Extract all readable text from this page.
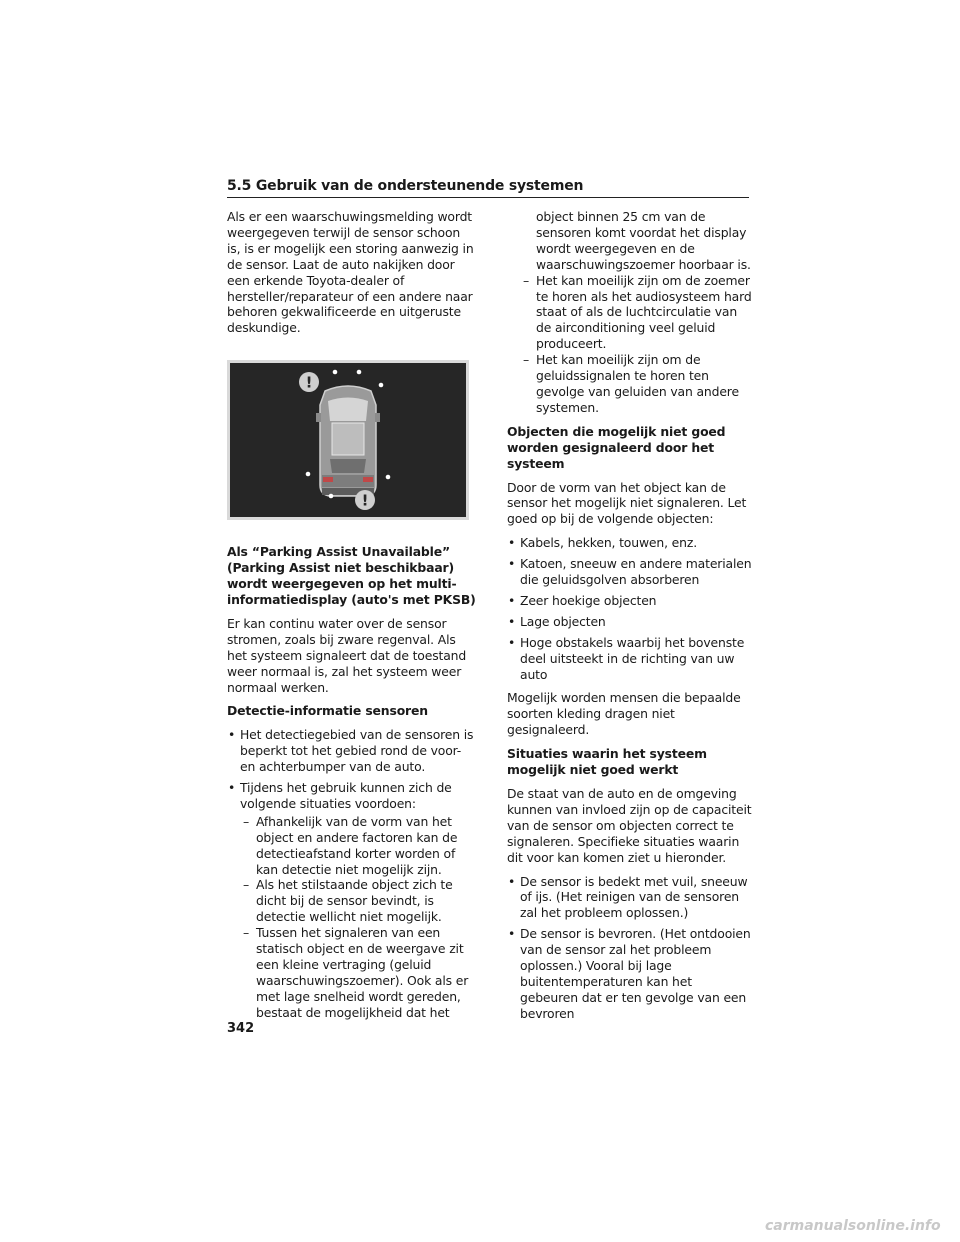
5.5 Gebruik van de ondersteunende systemen

Als er een waarschuwingsmelding wordt weergegeven terwijl de sensor schoon is, is er mogelijk een storing aanwezig in de sensor. Laat de auto nakijken door een erkende Toyota-dealer of hersteller/reparateur of een andere naar behoren gekwalificeerde en uitgeruste deskundige.

!
!
Als “Parking Assist Unavailable” (Parking Assist niet beschikbaar) wordt weergegeven op het multi-informatiedisplay (auto's met PKSB)

Er kan continu water over de sensor stromen, zoals bij zware regenval. Als het systeem signaleert dat de toestand weer normaal is, zal het systeem weer normaal werken.

Detectie-informatie sensoren
• Het detectiegebied van de sensoren is beperkt tot het gebied rond de voor- en achterbumper van de auto.
• Tijdens het gebruik kunnen zich de volgende situaties voordoen:
– Afhankelijk van de vorm van het object en andere factoren kan de detectieafstand korter worden of kan detectie niet mogelijk zijn.
– Als het stilstaande object zich te dicht bij de sensor bevindt, is detectie wellicht niet mogelijk.
– Tussen het signaleren van een statisch object en de weergave zit een kleine vertraging (geluid waarschuwingszoemer). Ook als er met lage snelheid wordt gereden, bestaat de mogelijkheid dat het

object binnen 25 cm van de sensoren komt voordat het display wordt weergegeven en de waarschuwingszoemer hoorbaar is.

– Het kan moeilijk zijn om de zoemer te horen als het audiosysteem hard staat of als de luchtcirculatie van de airconditioning veel geluid produceert.
– Het kan moeilijk zijn om de geluidssignalen te horen ten gevolge van geluiden van andere systemen.
Objecten die mogelijk niet goed worden gesignaleerd door het systeem

Door de vorm van het object kan de sensor het mogelijk niet signaleren. Let goed op bij de volgende objecten:

• Kabels, hekken, touwen, enz.
• Katoen, sneeuw en andere materialen die geluidsgolven absorberen
• Zeer hoekige objecten
• Lage objecten
• Hoge obstakels waarbij het bovenste deel uitsteekt in de richting van uw auto

Mogelijk worden mensen die bepaalde soorten kleding dragen niet gesignaleerd.

Situaties waarin het systeem mogelijk niet goed werkt

De staat van de auto en de omgeving kunnen van invloed zijn op de capaciteit van de sensor om objecten correct te signaleren. Specifieke situaties waarin dit voor kan komen ziet u hieronder.

• De sensor is bedekt met vuil, sneeuw of ijs. (Het reinigen van de sensoren zal het probleem oplossen.)
• De sensor is bevroren. (Het ontdooien van de sensor zal het probleem oplossen.) Vooral bij lage buitentemperaturen kan het gebeuren dat er ten gevolge van een bevroren
342
carmanualsonline.info
